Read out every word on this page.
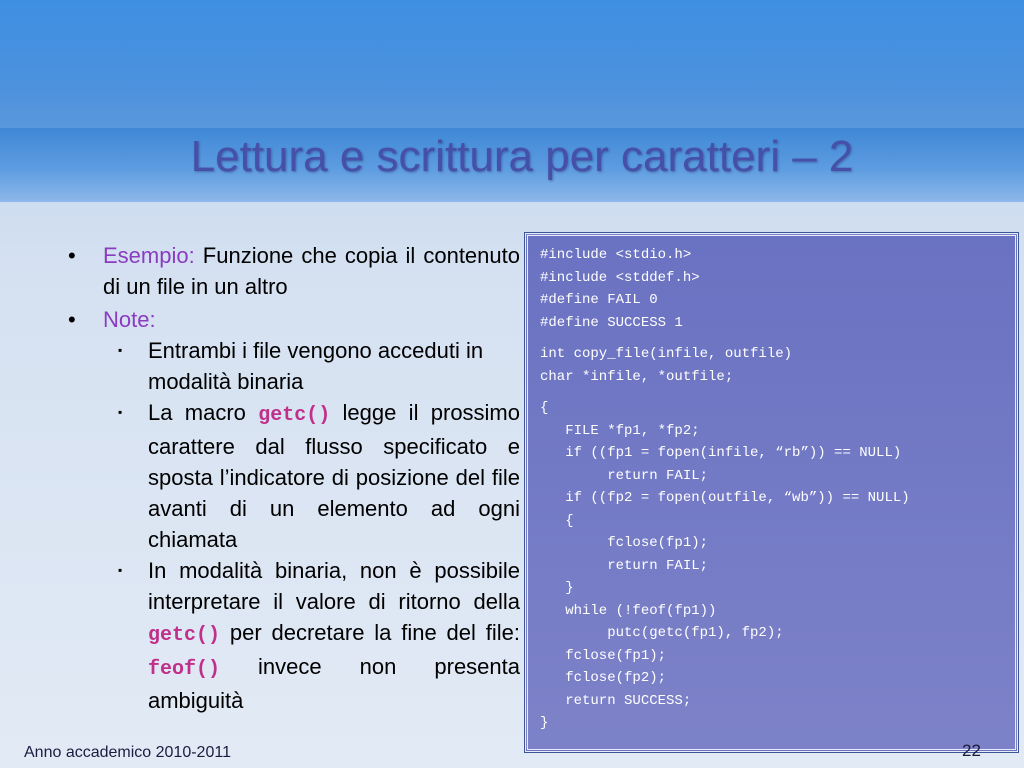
Lettura e scrittura per caratteri – 2
• Esempio: Funzione che copia il contenuto di un file in un altro
• Note:
▪ Entrambi i file vengono acceduti in modalità binaria
▪ La macro getc() legge il prossimo carattere dal flusso specificato e sposta l’indicatore di posizione del file avanti di un elemento ad ogni chiamata
▪ In modalità binaria, non è possibile interpretare il valore di ritorno della getc() per decretare la fine del file: feof() invece non presenta ambiguità
#include <stdio.h>
#include <stddef.h>
#define FAIL 0
#define SUCCESS 1
int copy_file(infile, outfile)
char *infile, *outfile;
{
FILE *fp1, *fp2;
if ((fp1 = fopen(infile, “rb”)) == NULL)
return FAIL;
if ((fp2 = fopen(outfile, “wb”)) == NULL)
{
fclose(fp1);
return FAIL;
}
while (!feof(fp1))
putc(getc(fp1), fp2);
fclose(fp1);
fclose(fp2);
return SUCCESS;
}
22
Anno accademico 2010-2011
